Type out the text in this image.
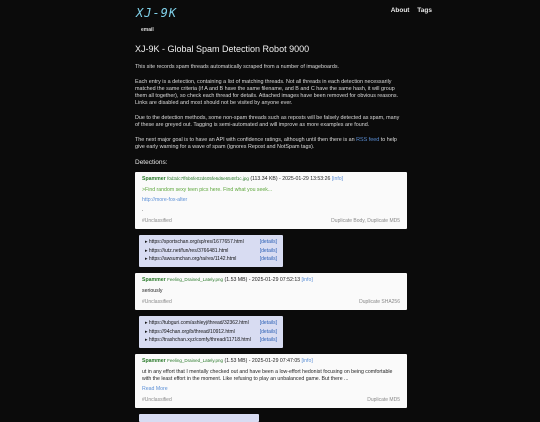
XJ-9K	About Tags
email
XJ-9K - Global Spam Detection Robot 9000

This site records spam threads automatically scraped from a number of imageboards.

Each entry is a detection, containing a list of matching threads. Not all threads in each detection necessarily matched the same criteria (if A and B have the same filename, and B and C have the same hash, it will group them all together), so check each thread for details. Attached images have been removed for obvious reasons. Links are disabled and most should not be visited by anyone ever.

Due to the detection methods, some non-spam threads such as reposts will be falsely detected as spam, many of these are greyed out. Tagging is semi-automated and will improve as more examples are found.

The next major goal is to have an API with confidence ratings, although until then there is an RSS feed to help give early warning for a wave of spam (ignores Repost and NotSpam tags).

Detections:
Spammer f0d3dc7ff6b6fe02d605fe6d6e6548f1c.jpg (113.34 KB) - 2025-01-29 13:53:26 [info]
>Find random sexy teen pics here. Find what you seek...
http://more-fox-alter
.
#Unclassified	Duplicate Body, Duplicate MD5
▸ https://sportschan.org/sp/res/1677657.html	[details]
▸ https://iutz.net/fun/res/3766481.html	[details]
▸ https://awsumchan.org/ra/res/1142.html	[details]
Spammer Feeling_Drained_Lately.png (1.53 MB) - 2025-01-29 07:52:13 [info]
seriously
#Unclassified	Duplicate SHA256
▸ https://tubguri.com/ashleyj/thread/32362.html [details]
▸ https://94chan.org/b/thread/10912.html	[details]
▸ https://trashchan.xyz/comfy/thread/11718.html [details]
Spammer Feeling_Drained_Lately.png (1.53 MB) - 2025-01-29 07:47:05 [info]
ut in any effort that I mentally checked out and have been a low-effort hedonist focusing on being comfortable with the least effort in the moment. Like refusing to play an unbalanced game. But there ...
Read More
#Unclassified	Duplicate MD5
